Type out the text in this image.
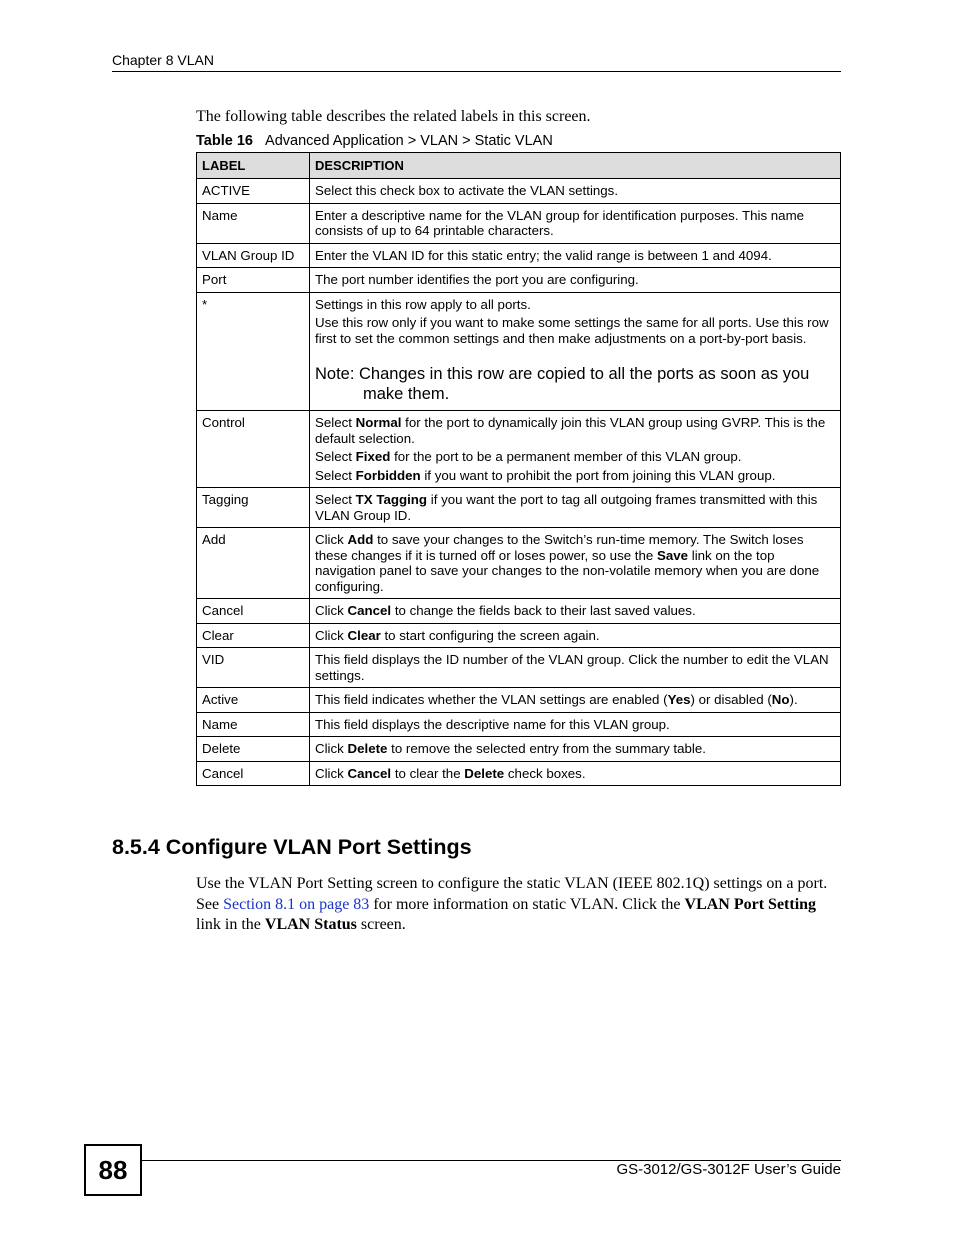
Chapter 8 VLAN
The following table describes the related labels in this screen.
Table 16 Advanced Application > VLAN > Static VLAN
LABEL	DESCRIPTION
ACTIVE	Select this check box to activate the VLAN settings.

Name	Enter a descriptive name for the VLAN group for identification purposes. This name consists of up to 64 printable characters.

VLAN Group ID	Enter the VLAN ID for this static entry; the valid range is between 1 and 4094.

Port	The port number identifies the port you are configuring.

*	Settings in this row apply to all ports.

Use this row only if you want to make some settings the same for all ports. Use this row first to set the common settings and then make adjustments on a port-by-port basis.

Note: Changes in this row are copied to all the ports as soon as you
make them.

Control	Select Normal for the port to dynamically join this VLAN group using GVRP. This is the default selection.

Select Fixed for the port to be a permanent member of this VLAN group.

Select Forbidden if you want to prohibit the port from joining this VLAN group.

Tagging	Select TX Tagging if you want the port to tag all outgoing frames transmitted with this VLAN Group ID.

Add	Click Add to save your changes to the Switch’s run-time memory. The Switch loses these changes if it is turned off or loses power, so use the Save link on the top navigation panel to save your changes to the non-volatile memory when you are done configuring.

Cancel	Click Cancel to change the fields back to their last saved values.

Clear	Click Clear to start configuring the screen again.

VID	This field displays the ID number of the VLAN group. Click the number to edit the VLAN settings.

Active	This field indicates whether the VLAN settings are enabled (Yes) or disabled (No).

Name	This field displays the descriptive name for this VLAN group.

Delete	Click Delete to remove the selected entry from the summary table.

Cancel	Click Cancel to clear the Delete check boxes.

8.5.4 Configure VLAN Port Settings
Use the VLAN Port Setting screen to configure the static VLAN (IEEE 802.1Q) settings on a port. See Section 8.1 on page 83 for more information on static VLAN. Click the VLAN Port Setting link in the VLAN Status screen.
88	GS-3012/GS-3012F User’s Guide
